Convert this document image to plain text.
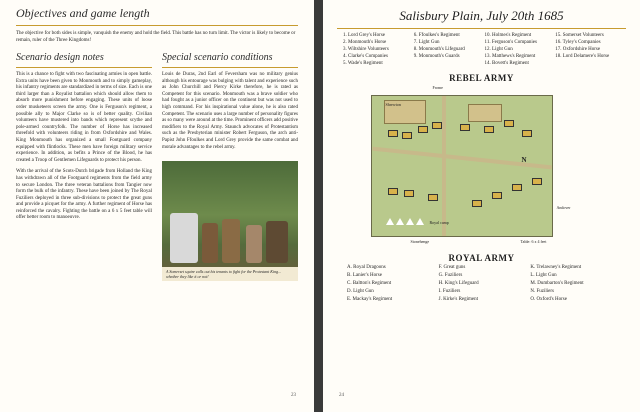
Objectives and game length
The objective for both sides is simple, vanquish the enemy and hold the field. This battle has no turn limit. The victor is likely to become or remain, ruler of the Three Kingdoms!
Scenario design notes

This is a chance to fight with two fascinating armies in open battle. Extra units have been given to Monmouth and to simply gameplay, his infantry regiments are standardized in terms of size. Each is one third larger than a Royalist battalion which should allow them to absorb more punishment before engaging. These units of loose order musketeers screen the army. One is Ferguson's regiment, a possible ally to Major Clarke so is of better quality. Civilian volunteers have mustered into bands which represent scythe and pole-armed countryfolk. The number of Horse has increased threefold with volunteers riding in from Oxfordshire and Wales. King Monmouth has organized a small Footguard company equipped with flintlocks. These men have foreign military service experience. In addition, as befits a Prince of the Blood, he has created a Troop of Gentlemen Lifeguards to protect his person.

With the arrival of the Scots-Dutch brigade from Holland the King has withdrawn all of the Footguard regiments from the field army to secure London. The three veteran battalions from Tangier now form the bulk of the infantry. These have been joined by The Royal Fuziliers deployed in three sub-divisions to protect the great guns and provide a picquet for the army. A further regiment of Horse has reinforced the cavalry. Fighting the battle on a 6 x 5 feet table will offer better room to manoeuvre.

Special scenario conditions

Louis de Duras, 2nd Earl of Feversham was no military genius although his entourage was bulging with talent and experience such as John Churchill and Piercy Kirke therefore, he is rated as Competent for this scenario. Monmouth was a brave soldier who had fought as a junior officer on the continent but was not used to high command. For his inspirational value alone, he is also rated Competent. The scenario uses a large number of personality figures as so many were around at the time. Prominent officers add positive modifiers to the Royal Army. Staunch advocates of Protestantism such as the Presbyterian minister Robert Ferguson, the arch anti-Papist John Ffoulkes and Lord Grey provide the same combat and morale advantages to the rebel army.

A Somerset squire calls out his tenants to fight for the Protestant King... whether they like it or not!
23
Salisbury Plain, July 20th 1685
1. Lord Grey's Horse	6. Ffoulkes's Regiment	10. Holmes's Regiment	15. Somerset Volunteers
2. Monmouth's Horse	7. Light Gun	11. Ferguson's Companies	16. Tyley's Companies
3. Wiltshire Volunteers	8. Monmouth's Lifeguard	12. Light Gun	17. Oxfordshire Horse
4. Clarke's Companies	9. Monmouth's Guards	13. Matthews's Regiment	18. Lord Delamere's Horse
5. Wade's Regiment	14. Bovett's Regiment
REBEL ARMY
Frome
Shrewton
Royal camp
N
Andover
Stonehenge	Table: 6 x 4 feet
ROYAL ARMY
A. Royal Dragoons	F. Great guns	K. Trelawney's Regiment
B. Lanier's Horse	G. Fuziliers	L. Light Gun
C. Baltton's Regiment	H. King's Lifeguard	M. Dumbarton's Regiment
D. Light Gun	I. Fuziliers	N. Fuziliers
E. Mackay's Regiment	J. Kirke's Regiment	O. Oxford's Horse
24
